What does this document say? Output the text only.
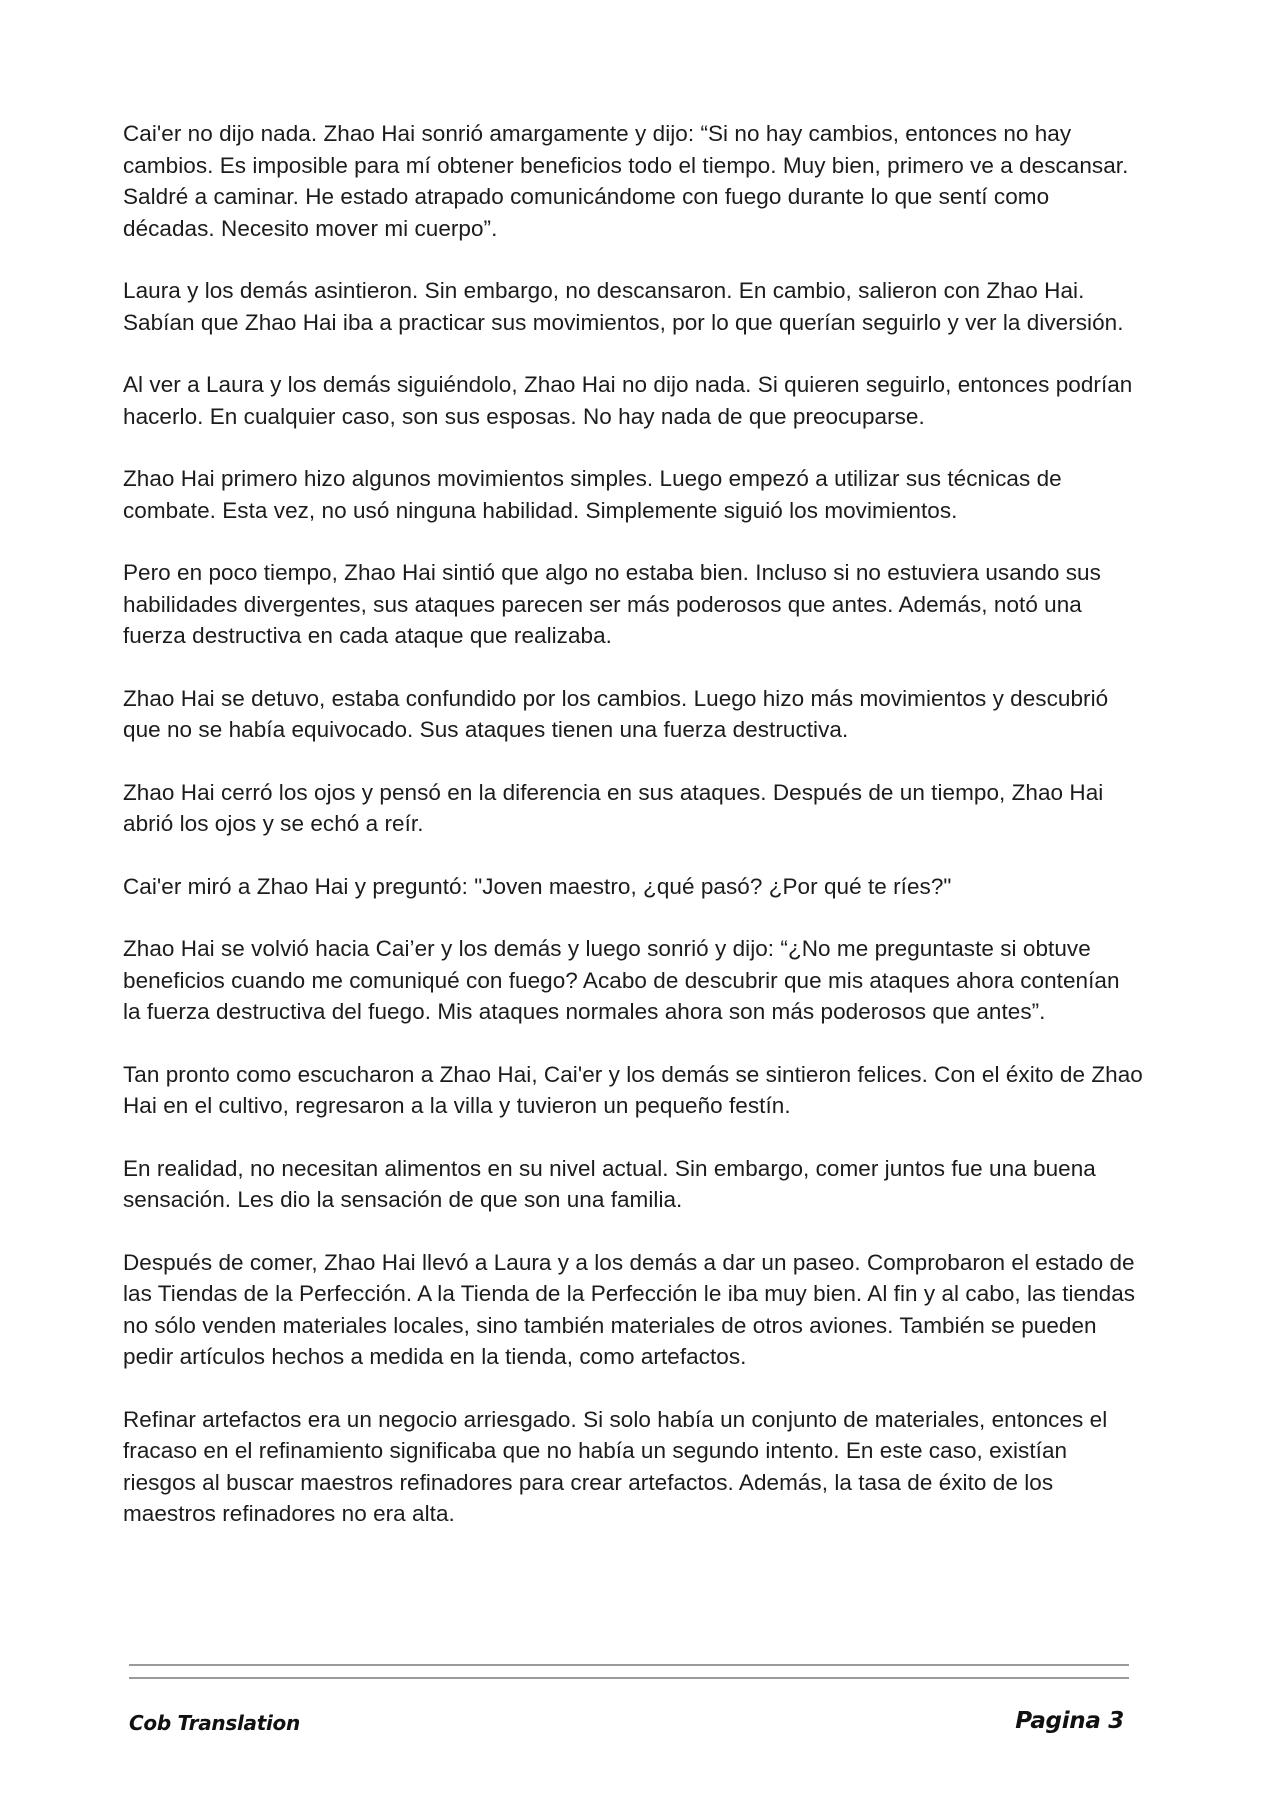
Cai'er no dijo nada. Zhao Hai sonrió amargamente y dijo: “Si no hay cambios, entonces no hay cambios. Es imposible para mí obtener beneficios todo el tiempo. Muy bien, primero ve a descansar. Saldré a caminar. He estado atrapado comunicándome con fuego durante lo que sentí como décadas. Necesito mover mi cuerpo”.

Laura y los demás asintieron. Sin embargo, no descansaron. En cambio, salieron con Zhao Hai. Sabían que Zhao Hai iba a practicar sus movimientos, por lo que querían seguirlo y ver la diversión.

Al ver a Laura y los demás siguiéndolo, Zhao Hai no dijo nada. Si quieren seguirlo, entonces podrían hacerlo. En cualquier caso, son sus esposas. No hay nada de que preocuparse.

Zhao Hai primero hizo algunos movimientos simples. Luego empezó a utilizar sus técnicas de combate. Esta vez, no usó ninguna habilidad. Simplemente siguió los movimientos.

Pero en poco tiempo, Zhao Hai sintió que algo no estaba bien. Incluso si no estuviera usando sus habilidades divergentes, sus ataques parecen ser más poderosos que antes. Además, notó una fuerza destructiva en cada ataque que realizaba.

Zhao Hai se detuvo, estaba confundido por los cambios. Luego hizo más movimientos y descubrió que no se había equivocado. Sus ataques tienen una fuerza destructiva.

Zhao Hai cerró los ojos y pensó en la diferencia en sus ataques. Después de un tiempo, Zhao Hai abrió los ojos y se echó a reír.

Cai'er miró a Zhao Hai y preguntó: "Joven maestro, ¿qué pasó? ¿Por qué te ríes?"

Zhao Hai se volvió hacia Cai’er y los demás y luego sonrió y dijo: “¿No me preguntaste si obtuve beneficios cuando me comuniqué con fuego? Acabo de descubrir que mis ataques ahora contenían la fuerza destructiva del fuego. Mis ataques normales ahora son más poderosos que antes”.

Tan pronto como escucharon a Zhao Hai, Cai'er y los demás se sintieron felices. Con el éxito de Zhao Hai en el cultivo, regresaron a la villa y tuvieron un pequeño festín.

En realidad, no necesitan alimentos en su nivel actual. Sin embargo, comer juntos fue una buena sensación. Les dio la sensación de que son una familia.

Después de comer, Zhao Hai llevó a Laura y a los demás a dar un paseo. Comprobaron el estado de las Tiendas de la Perfección. A la Tienda de la Perfección le iba muy bien. Al fin y al cabo, las tiendas no sólo venden materiales locales, sino también materiales de otros aviones. También se pueden pedir artículos hechos a medida en la tienda, como artefactos.

Refinar artefactos era un negocio arriesgado. Si solo había un conjunto de materiales, entonces el fracaso en el refinamiento significaba que no había un segundo intento. En este caso, existían riesgos al buscar maestros refinadores para crear artefactos. Además, la tasa de éxito de los maestros refinadores no era alta.

Cob Translation	Pagina 3
